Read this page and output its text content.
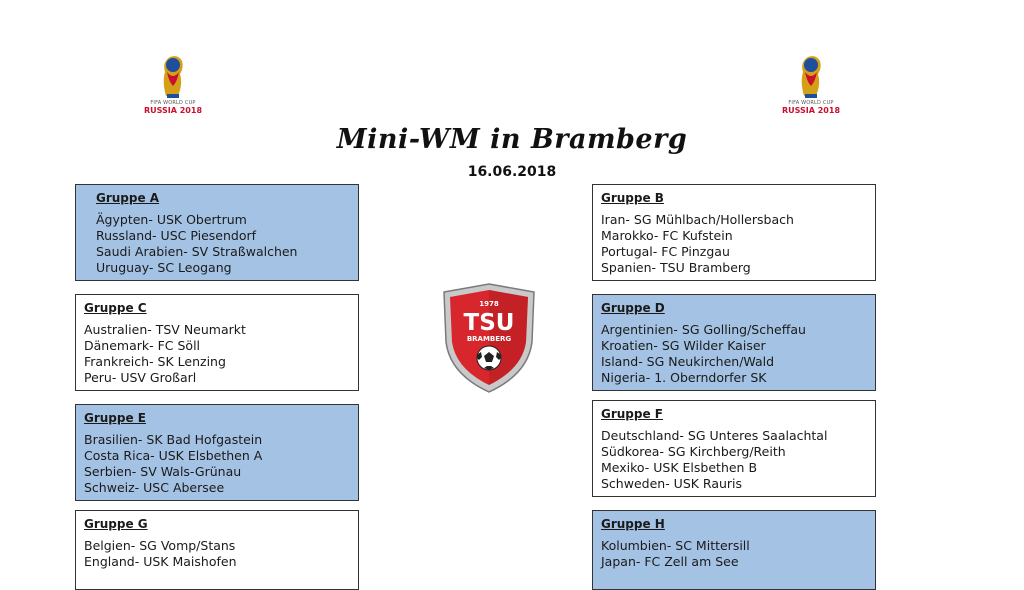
FIFA WORLD CUP
RUSSIA 2018
FIFA WORLD CUP
RUSSIA 2018
Mini-WM in Bramberg
16.06.2018
Gruppe A
Ägypten- USK Obertrum
Russland- USC Piesendorf
Saudi Arabien- SV Straßwalchen
Uruguay- SC Leogang
Gruppe B
Iran- SG Mühlbach/Hollersbach
Marokko- FC Kufstein
Portugal- FC Pinzgau
Spanien- TSU Bramberg
Gruppe C
Australien- TSV Neumarkt
Dänemark- FC Söll
Frankreich- SK Lenzing
Peru- USV Großarl
Gruppe D
Argentinien- SG Golling/Scheffau
Kroatien- SG Wilder Kaiser
Island- SG Neukirchen/Wald
Nigeria- 1. Oberndorfer SK
Gruppe E
Brasilien- SK Bad Hofgastein
Costa Rica- USK Elsbethen A
Serbien- SV Wals-Grünau
Schweiz- USC Abersee
Gruppe F
Deutschland- SG Unteres Saalachtal
Südkorea- SG Kirchberg/Reith
Mexiko- USK Elsbethen B
Schweden- USK Rauris
Gruppe G
Belgien- SG Vomp/Stans
England- USK Maishofen
Gruppe H
Kolumbien- SC Mittersill
Japan- FC Zell am See
1978
TSU
BRAMBERG
